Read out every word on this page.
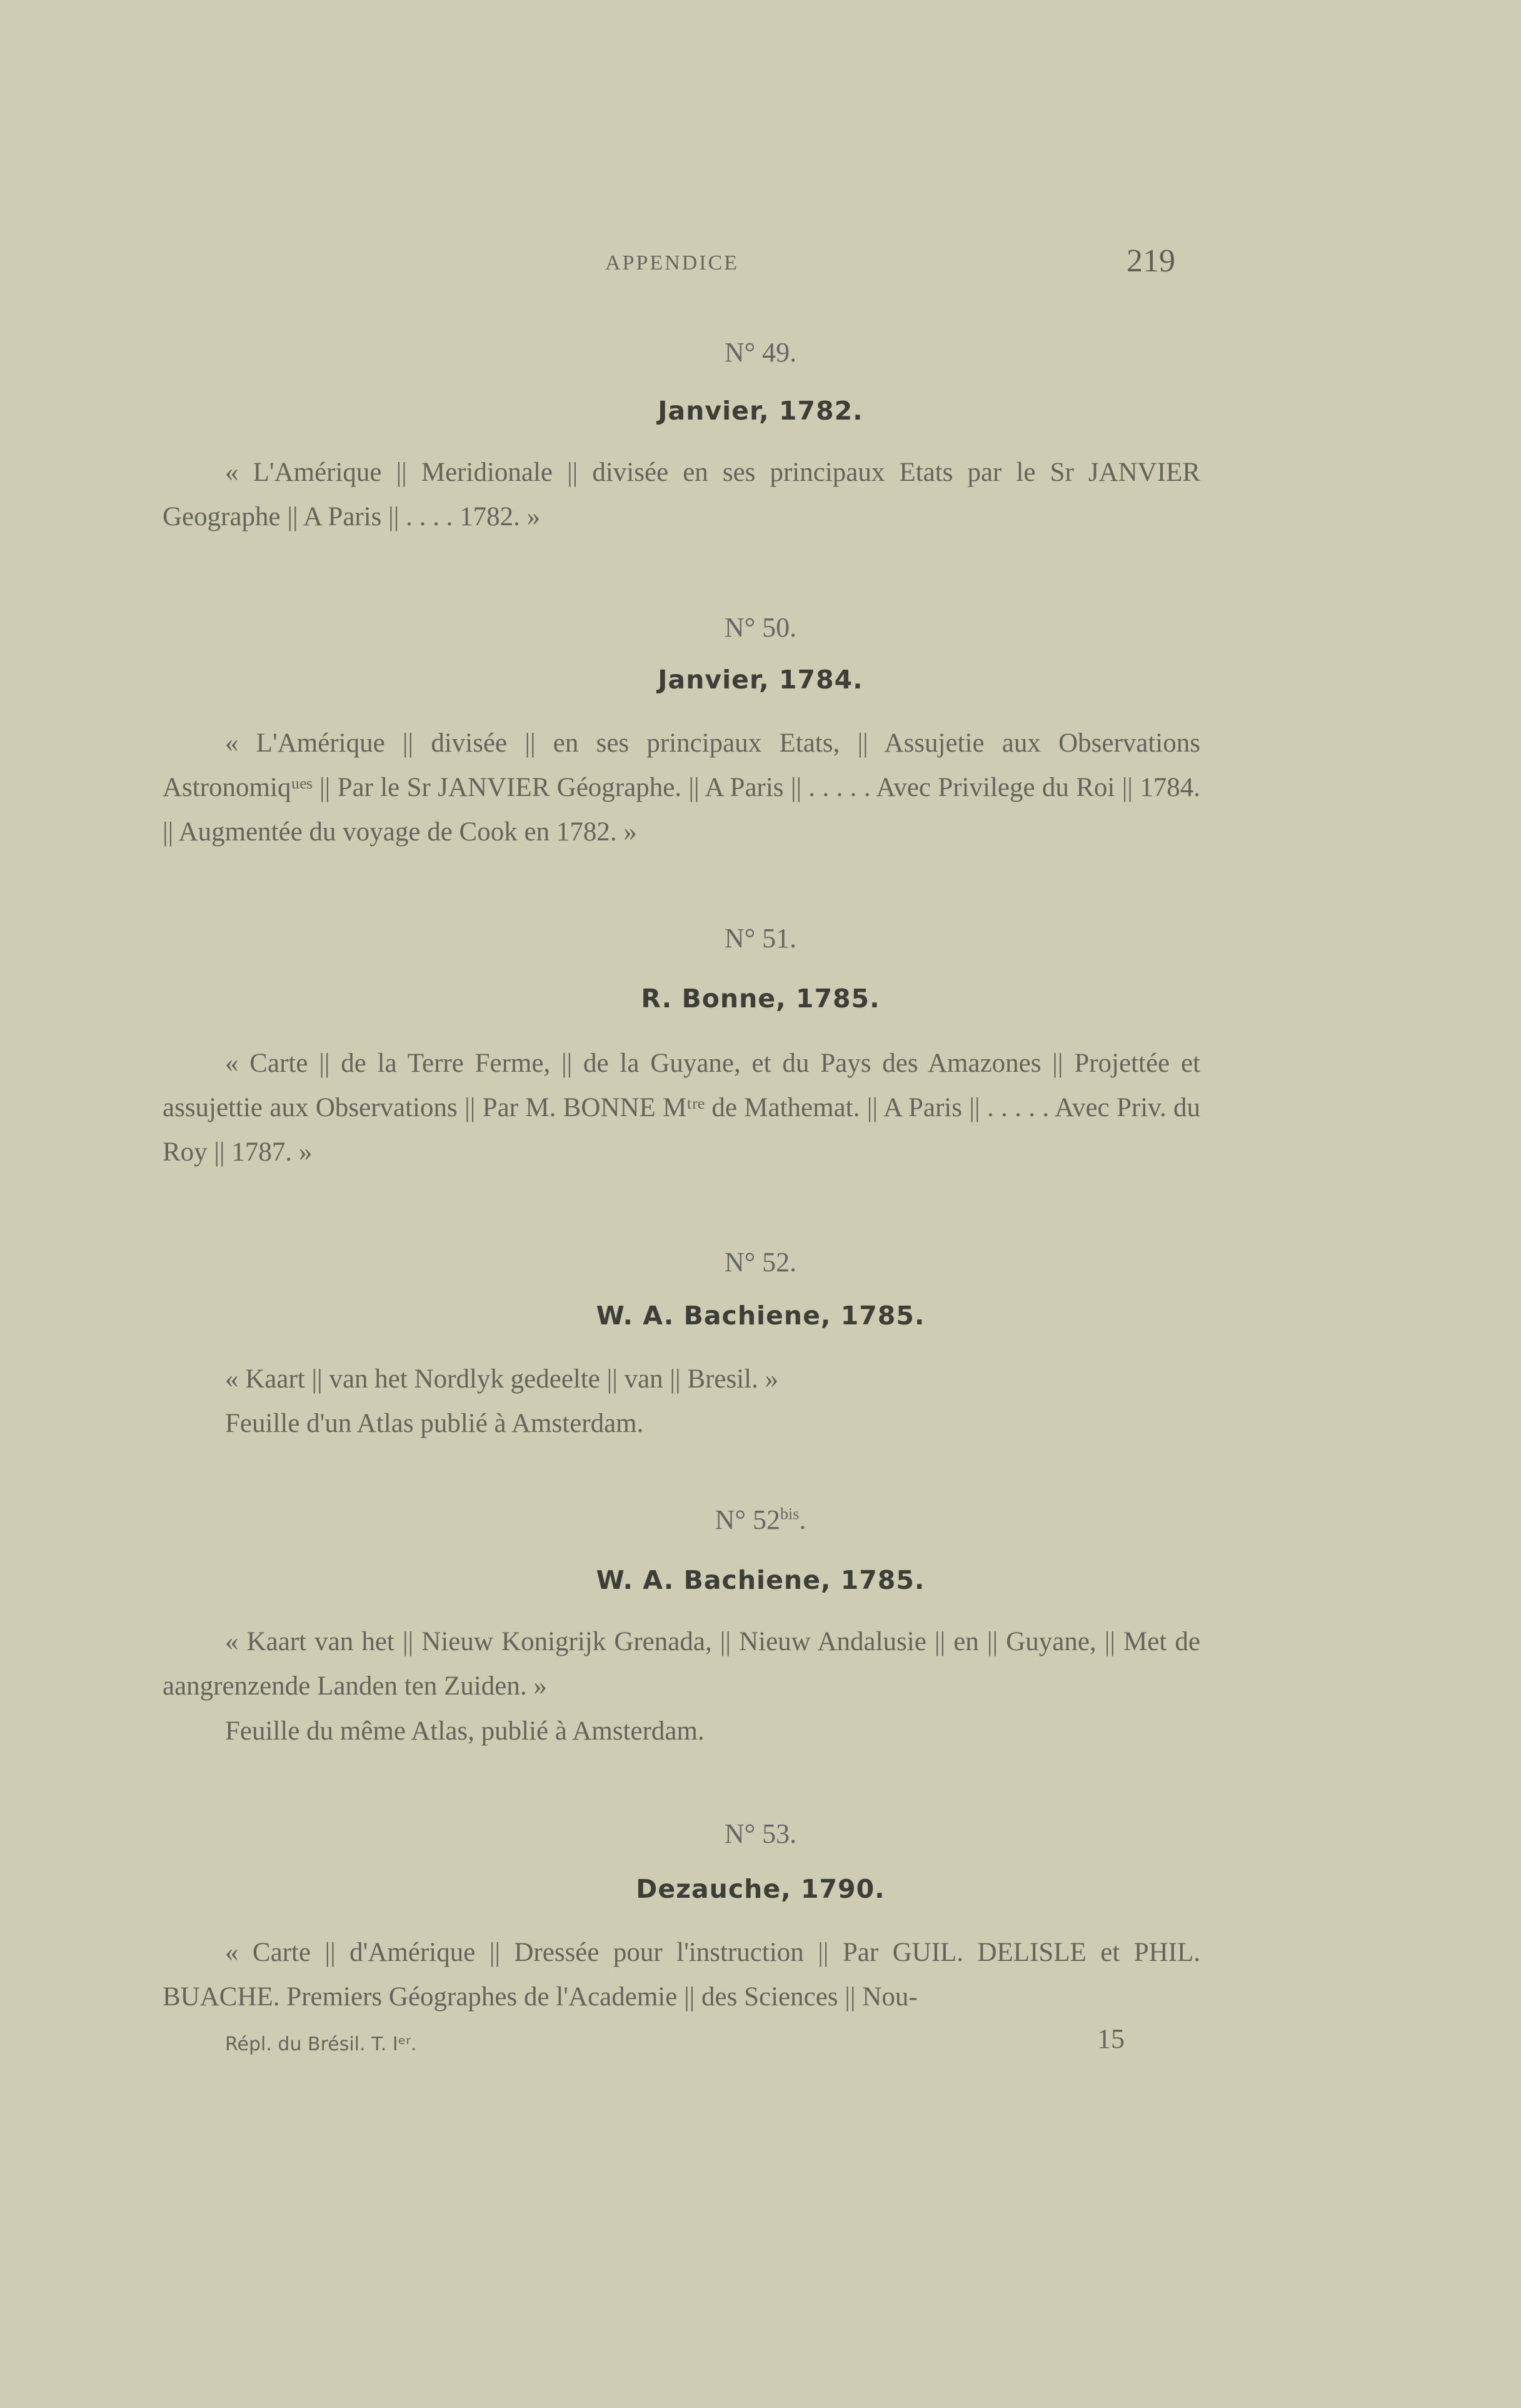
APPENDICE	219
N° 49.
Janvier, 1782.
« L'Amérique || Meridionale || divisée en ses principaux Etats par le Sr JANVIER Geographe || A Paris || . . . . 1782. »
N° 50.
Janvier, 1784.
« L'Amérique || divisée || en ses principaux Etats, || Assujetie aux Observations Astronomiqᵘᵉˢ || Par le Sr JANVIER Géographe. || A Paris || . . . . . Avec Privilege du Roi || 1784. || Augmentée du voyage de Cook en 1782. »
N° 51.
R. Bonne, 1785.
« Carte || de la Terre Ferme, || de la Guyane, et du Pays des Amazones || Projettée et assujettie aux Observations || Par M. BONNE Mᵗʳᵉ de Mathemat. || A Paris || . . . . . Avec Priv. du Roy || 1787. »
N° 52.
W. A. Bachiene, 1785.
« Kaart || van het Nordlyk gedeelte || van || Bresil. »
Feuille d'un Atlas publié à Amsterdam.
N° $52^{bis}$.
W. A. Bachiene, 1785.
« Kaart van het || Nieuw Konigrijk Grenada, || Nieuw Andalusie || en || Guyane, || Met de aangrenzende Landen ten Zuiden. »
Feuille du même Atlas, publié à Amsterdam.
N° 53.
Dezauche, 1790.
« Carte || d'Amérique || Dressée pour l'instruction || Par GUIL. DELISLE et PHIL. BUACHE. Premiers Géographes de l'Academie || des Sciences || Nou-
Répl. du Brésil. T. Iᵉʳ.	15
